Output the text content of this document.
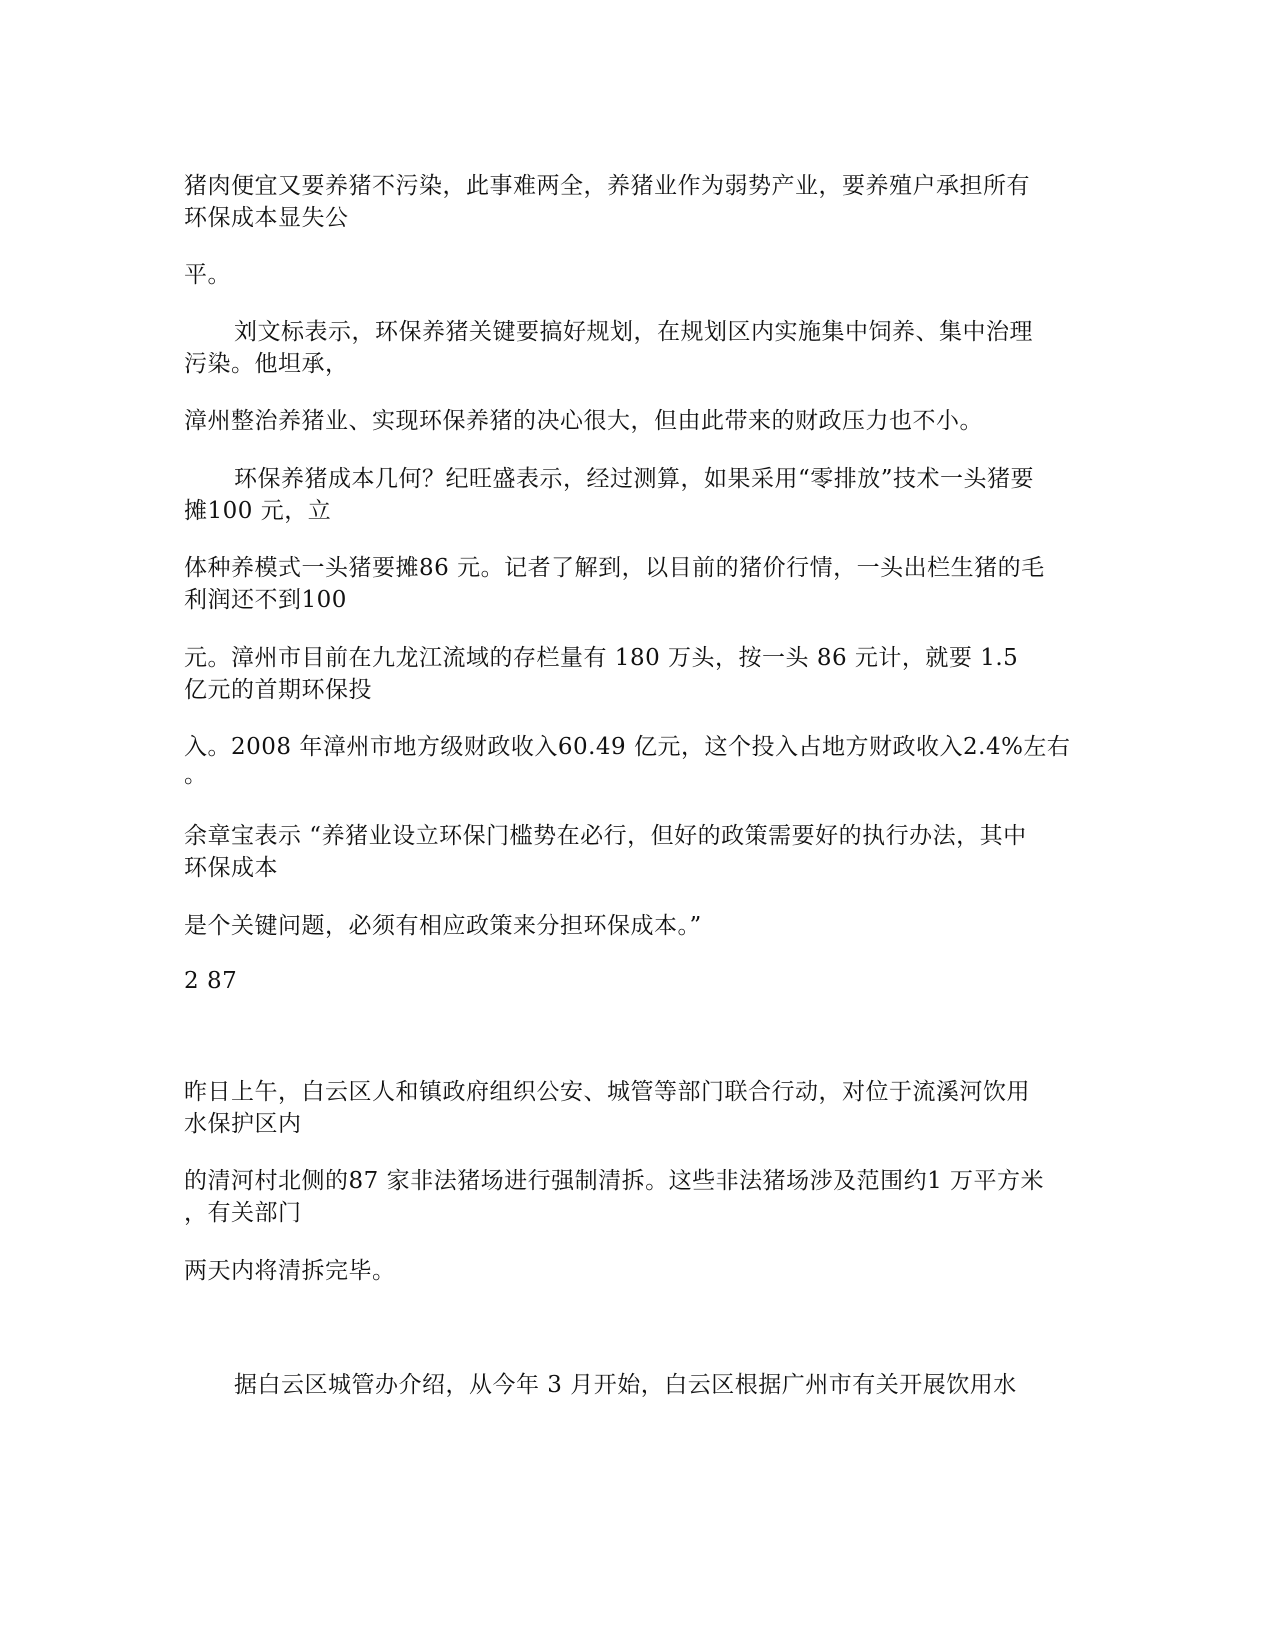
猪肉便宜又要养猪不污染，此事难两全，养猪业作为弱势产业，要养殖户承担所有
环保成本显失公
平。
刘文标表示，环保养猪关键要搞好规划，在规划区内实施集中饲养、集中治理
污染。他坦承，
漳州整治养猪业、实现环保养猪的决心很大，但由此带来的财政压力也不小。
环保养猪成本几何？纪旺盛表示，经过测算，如果采用“零排放”技术一头猪要
摊100 元，立
体种养模式一头猪要摊86 元。记者了解到，以目前的猪价行情，一头出栏生猪的毛
利润还不到100
元。漳州市目前在九龙江流域的存栏量有 180 万头，按一头 86 元计，就要 1.5
亿元的首期环保投
入。2008 年漳州市地方级财政收入60.49 亿元，这个投入占地方财政收入2.4%左右
。
余章宝表示 “养猪业设立环保门槛势在必行，但好的政策需要好的执行办法，其中
环保成本
是个关键问题，必须有相应政策来分担环保成本。”
2 87
昨日上午，白云区人和镇政府组织公安、城管等部门联合行动，对位于流溪河饮用
水保护区内
的清河村北侧的87 家非法猪场进行强制清拆。这些非法猪场涉及范围约1 万平方米
，有关部门
两天内将清拆完毕。
据白云区城管办介绍，从今年 3 月开始，白云区根据广州市有关开展饮用水
